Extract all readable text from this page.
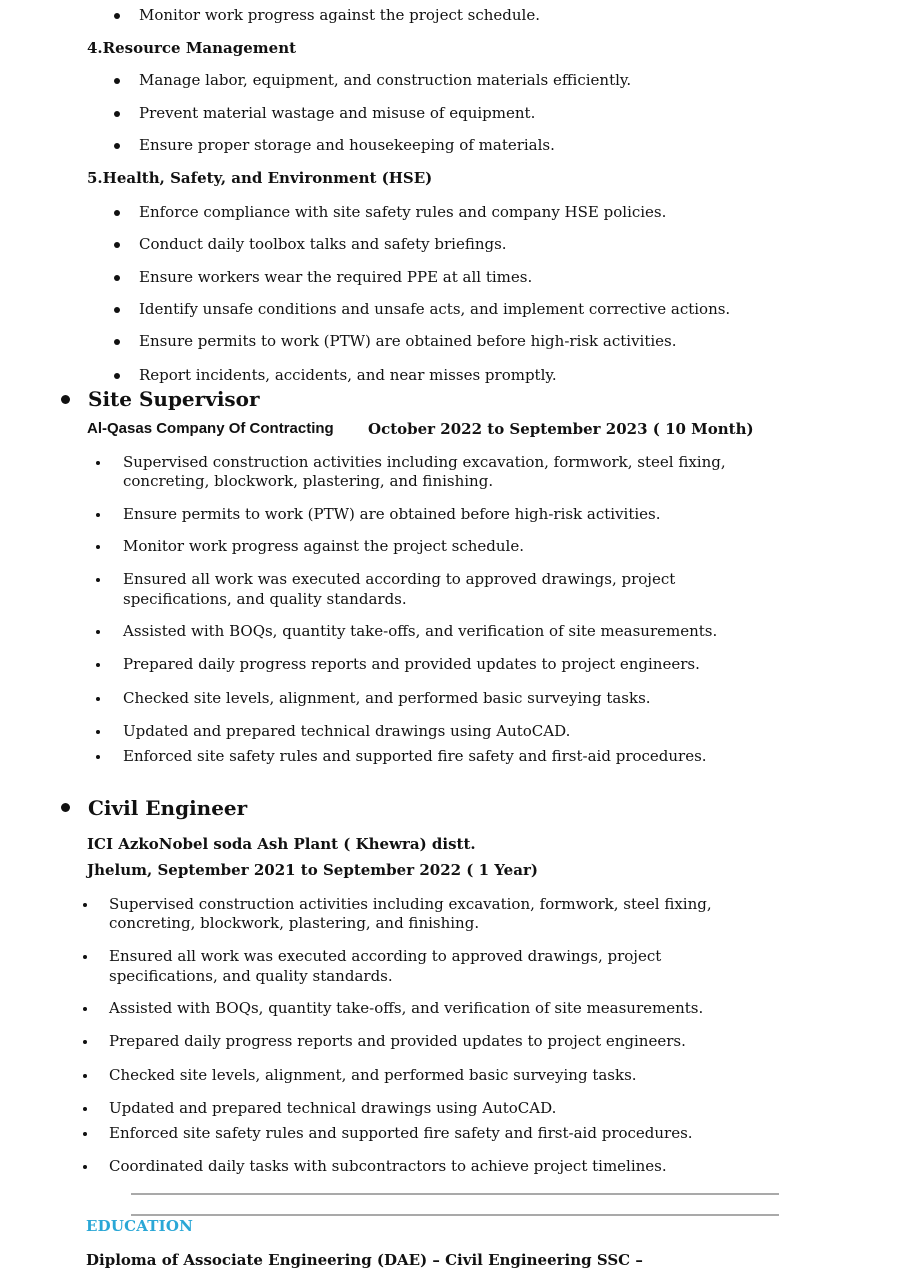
Monitor work progress against the project schedule.
4.Resource Management
Manage labor, equipment, and construction materials efficiently.
Prevent material wastage and misuse of equipment.
Ensure proper storage and housekeeping of materials.
5.Health, Safety, and Environment (HSE)
Enforce compliance with site safety rules and company HSE policies.
Conduct daily toolbox talks and safety briefings.
Ensure workers wear the required PPE at all times.
Identify unsafe conditions and unsafe acts, and implement corrective actions.
Ensure permits to work (PTW) are obtained before high-risk activities.
Report incidents, accidents, and near misses promptly.
Site Supervisor
Al-Qasas Company Of Contracting October 2022 to September 2023 ( 10 Month)
Supervised construction activities including excavation, formwork, steel fixing,
concreting, blockwork, plastering, and finishing.
Ensure permits to work (PTW) are obtained before high-risk activities.
Monitor work progress against the project schedule.
Ensured all work was executed according to approved drawings, project
specifications, and quality standards.
Assisted with BOQs, quantity take-offs, and verification of site measurements.
Prepared daily progress reports and provided updates to project engineers.
Checked site levels, alignment, and performed basic surveying tasks.
Updated and prepared technical drawings using AutoCAD.
Enforced site safety rules and supported fire safety and first-aid procedures.
Civil Engineer
ICI AzkoNobel soda Ash Plant ( Khewra) distt.
Jhelum, September 2021 to September 2022 ( 1 Year)
Supervised construction activities including excavation, formwork, steel fixing,
concreting, blockwork, plastering, and finishing.
Ensured all work was executed according to approved drawings, project
specifications, and quality standards.
Assisted with BOQs, quantity take-offs, and verification of site measurements.
Prepared daily progress reports and provided updates to project engineers.
Checked site levels, alignment, and performed basic surveying tasks.
Updated and prepared technical drawings using AutoCAD.
Enforced site safety rules and supported fire safety and first-aid procedures.
Coordinated daily tasks with subcontractors to achieve project timelines.
EDUCATION
Diploma of Associate Engineering (DAE) – Civil Engineering SSC –
